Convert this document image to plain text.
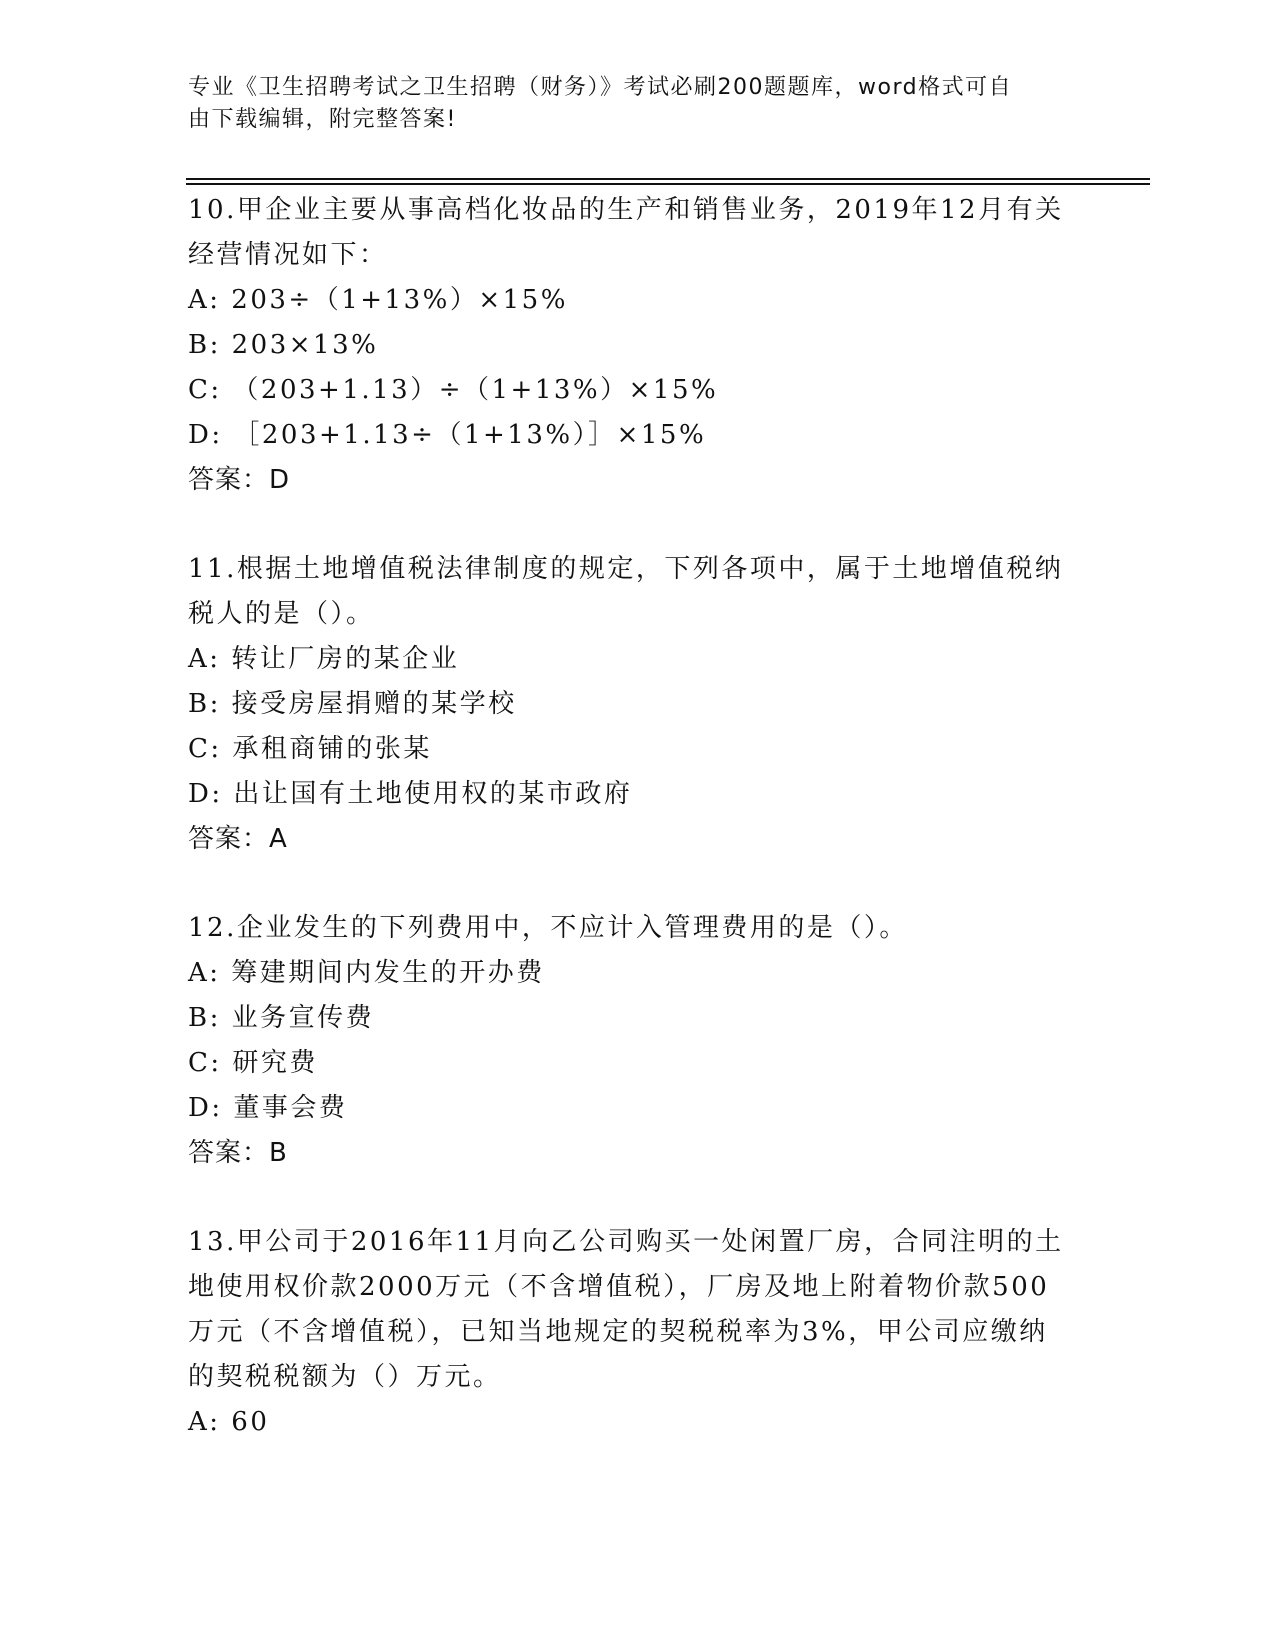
专业《卫生招聘考试之卫生招聘（财务）》考试必刷200题题库，word格式可自
由下载编辑，附完整答案!
10.甲企业主要从事高档化妆品的生产和销售业务，2019年12月有关
经营情况如下：
A: 203÷（1+13%）×15%
B: 203×13%
C: （203+1.13）÷（1+13%）×15%
D: ［203+1.13÷（1+13%）］×15%
答案：D
11.根据土地增值税法律制度的规定，下列各项中，属于土地增值税纳
税人的是（）。
A: 转让厂房的某企业
B: 接受房屋捐赠的某学校
C: 承租商铺的张某
D: 出让国有土地使用权的某市政府
答案：A
12.企业发生的下列费用中，不应计入管理费用的是（）。
A: 筹建期间内发生的开办费
B: 业务宣传费
C: 研究费
D: 董事会费
答案：B
13.甲公司于2016年11月向乙公司购买一处闲置厂房，合同注明的土
地使用权价款2000万元（不含增值税），厂房及地上附着物价款500
万元（不含增值税），已知当地规定的契税税率为3%，甲公司应缴纳
的契税税额为（）万元。
A: 60
